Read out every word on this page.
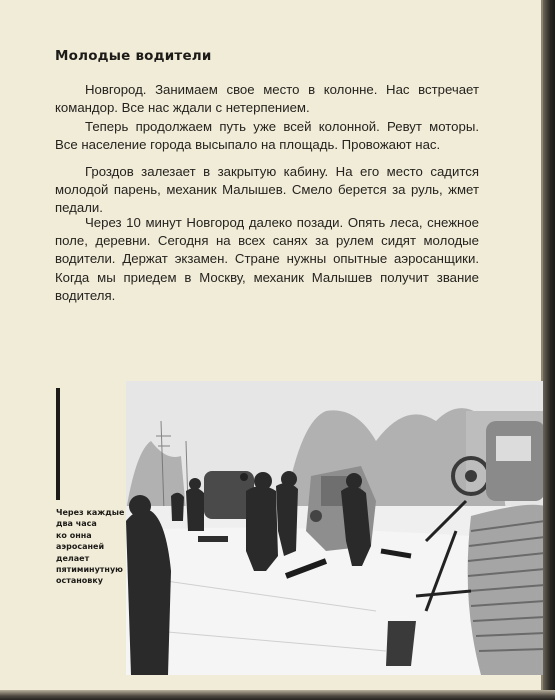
Молодые водители

Новгород. Занимаем свое место в колонне. Нас встречает командор. Все нас ждали с нетерпением.

Теперь продолжаем путь уже всей колонной. Ревут моторы. Все население города высыпало на площадь. Провожают нас.

Гроздов залезает в закрытую кабину. На его место садится молодой парень, механик Малышев. Смело берется за руль, жмет педали.

Через 10 минут Новгород далеко позади. Опять леса, снежное поле, деревни. Сегодня на всех санях за рулем сидят молодые водители. Держат экзамен. Стране нужны опытные аэросанщики. Когда мы приедем в Москву, механик Малышев получит звание водителя.

Через каждые
два часа
ко онна
аэросаней
делает
пятиминутную
остановку
